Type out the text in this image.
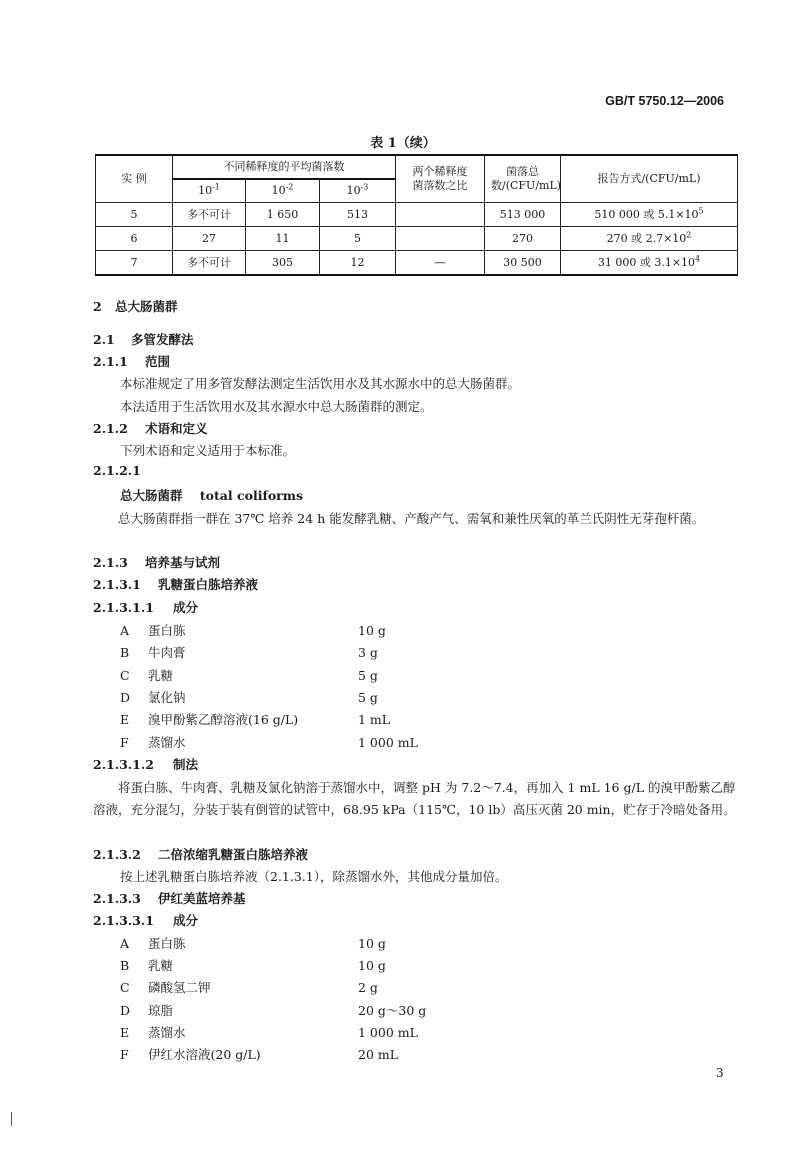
GB/T 5750.12—2006
表 1（续）
实 例	不同稀释度的平均菌落数			两个稀释度菌落数之比	菌落总数/(CFU/mL)	报告方式/(CFU/mL)
	$10^{-1}$	$10^{-2}$	$10^{-3}$
5	多不可计	1 650	513		513 000	510 000 或 $5.1\times 10^5$
6	27	11	5		270	270 或 $2.7\times 10^2$
7	多不可计	305	12	—	30 500	31 000 或 $3.1\times 10^4$
2 总大肠菌群
2.1 多管发酵法
2.1.1 范围
本标准规定了用多管发酵法测定生活饮用水及其水源水中的总大肠菌群。
本法适用于生活饮用水及其水源水中总大肠菌群的测定。
2.1.2 术语和定义
下列术语和定义适用于本标准。
2.1.2.1
总大肠菌群    total coliforms
总大肠菌群指一群在 37℃ 培养 24 h 能发酵乳糖、产酸产气、需氧和兼性厌氧的革兰氏阴性无芽孢杆菌。
2.1.3 培养基与试剂
2.1.3.1 乳糖蛋白胨培养液
2.1.3.1.1 成分
A 蛋白胨	10 g
B 牛肉膏	3 g
C 乳糖	5 g
D 氯化钠	5 g
E 溴甲酚紫乙醇溶液(16 g/L)	1 mL
F 蒸馏水	1 000 mL
2.1.3.1.2 制法
将蛋白胨、牛肉膏、乳糖及氯化钠溶于蒸馏水中，调整 pH 为 7.2～7.4，再加入 1 mL 16 g/L 的溴甲酚紫乙醇溶液，充分混匀，分装于装有倒管的试管中，68.95 kPa（115℃，10 lb）高压灭菌 20 min，贮存于冷暗处备用。
2.1.3.2 二倍浓缩乳糖蛋白胨培养液
按上述乳糖蛋白胨培养液（2.1.3.1），除蒸馏水外，其他成分量加倍。
2.1.3.3 伊红美蓝培养基
2.1.3.3.1 成分
A 蛋白胨	10 g
B 乳糖	10 g
C 磷酸氢二钾	2 g
D 琼脂	20 g～30 g
E 蒸馏水	1 000 mL
F 伊红水溶液(20 g/L)	20 mL
3
